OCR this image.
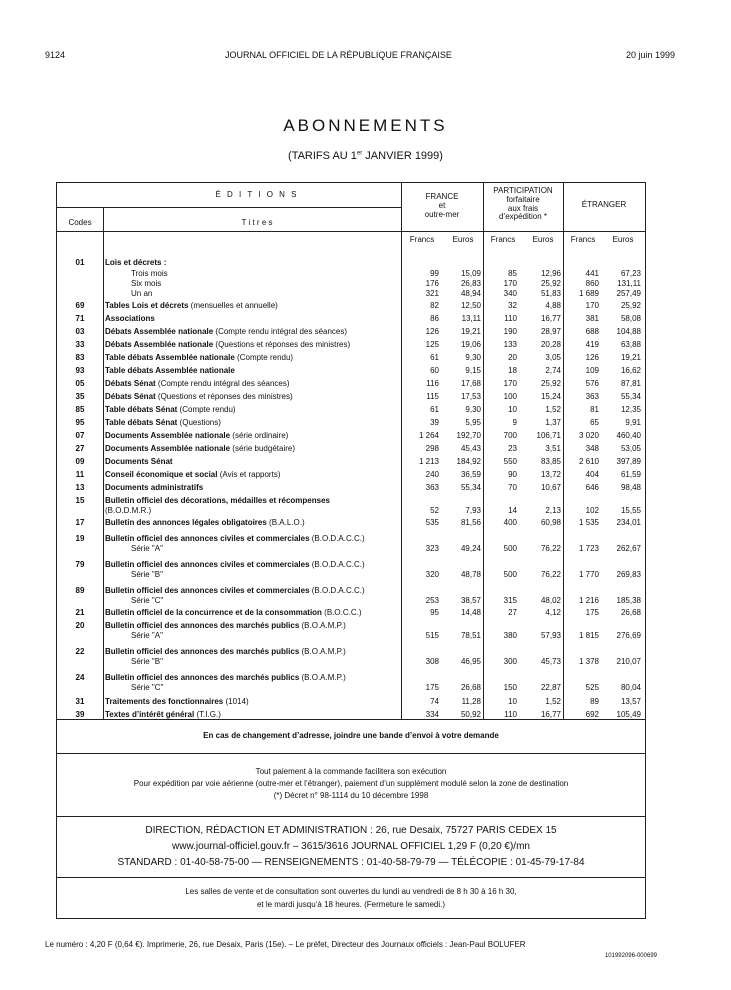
9124	JOURNAL OFFICIEL DE LA RÉPUBLIQUE FRANÇAISE	20 juin 1999
ABONNEMENTS
(TARIFS AU 1er JANVIER 1999)
É D I T I O N S
Codes	T i t r e s
FRANCE
et
outre-mer
PARTICIPATION
forfaitaire
aux frais
d’expédition *
ÉTRANGER
Francs	Euros	Francs	Euros	Francs	Euros
01	Lois et décrets :
Trois mois	99	15,09	85	12,96	441	67,23
Six mois	176	26,83	170	25,92	860	131,11
Un an	321	48,94	340	51,83	1 689	257,49
69	Tables Lois et décrets (mensuelles et annuelle)	82	12,50	32	4,88	170	25,92
71	Associations	86	13,11	110	16,77	381	58,08
03	Débats Assemblée nationale (Compte rendu intégral des séances)	126	19,21	190	28,97	688	104,88
33	Débats Assemblée nationale (Questions et réponses des ministres)	125	19,06	133	20,28	419	63,88
83	Table débats Assemblée nationale (Compte rendu)	61	9,30	20	3,05	126	19,21
93	Table débats Assemblée nationale	60	9,15	18	2,74	109	16,62
05	Débats Sénat (Compte rendu intégral des séances)	116	17,68	170	25,92	576	87,81
35	Débats Sénat (Questions et réponses des ministres)	115	17,53	100	15,24	363	55,34
85	Table débats Sénat (Compte rendu)	61	9,30	10	1,52	81	12,35
95	Table débats Sénat (Questions)	39	5,95	9	1,37	65	9,91
07	Documents Assemblée nationale (série ordinaire)	1 264	192,70	700	106,71	3 020	460,40
27	Documents Assemblée nationale (série budgétaire)	298	45,43	23	3,51	348	53,05
09	Documents Sénat	1 213	184,92	550	83,85	2 610	397,89
11	Conseil économique et social (Avis et rapports)	240	36,59	90	13,72	404	61,59
13	Documents administratifs	363	55,34	70	10,67	646	98,48
15	Bulletin officiel des décorations, médailles et récompenses
(B.O.D.M.R.)	52	7,93	14	2,13	102	15,55
17	Bulletin des annonces légales obligatoires (B.A.L.O.)	535	81,56	400	60,98	1 535	234,01
19	Bulletin officiel des annonces civiles et commerciales (B.O.D.A.C.C.)
Série "A"	323	49,24	500	76,22	1 723	262,67
79	Bulletin officiel des annonces civiles et commerciales (B.O.D.A.C.C.)
Série "B"	320	48,78	500	76,22	1 770	269,83
89	Bulletin officiel des annonces civiles et commerciales (B.O.D.A.C.C.)
Série "C"	253	38,57	315	48,02	1 216	185,38
21	Bulletin officiel de la concurrence et de la consommation (B.O.C.C.)	95	14,48	27	4,12	175	26,68
20	Bulletin officiel des annonces des marchés publics (B.O.A.M.P.)
Série "A"	515	78,51	380	57,93	1 815	276,69
22	Bulletin officiel des annonces des marchés publics (B.O.A.M.P.)
Série "B"	308	46,95	300	45,73	1 378	210,07
24	Bulletin officiel des annonces des marchés publics (B.O.A.M.P.)
Série "C"	175	26,68	150	22,87	525	80,04
31	Traitements des fonctionnaires (1014)	74	11,28	10	1,52	89	13,57
39	Textes d’intérêt général (T.I.G.)	334	50,92	110	16,77	692	105,49
En cas de changement d’adresse, joindre une bande d’envoi à votre demande
Tout paiement à la commande facilitera son exécution
Pour expédition par voie aérienne (outre-mer et l’étranger), paiement d’un supplément modulé selon la zone de destination
(*) Décret n° 98-1114 du 10 décembre 1998
DIRECTION, RÉDACTION ET ADMINISTRATION : 26, rue Desaix, 75727 PARIS CEDEX 15
www.journal-officiel.gouv.fr – 3615/3616 JOURNAL OFFICIEL 1,29 F (0,20 €)/mn
STANDARD : 01-40-58-75-00 — RENSEIGNEMENTS : 01-40-58-79-79 — TÉLÉCOPIE : 01-45-79-17-84
Les salles de vente et de consultation sont ouvertes du lundi au vendredi de 8 h 30 à 16 h 30,
et le mardi jusqu’à 18 heures. (Fermeture le samedi.)
Le numéro : 4,20 F (0,64 €). Imprimerie, 26, rue Desaix, Paris (15e). – Le préfet, Directeur des Journaux officiels : Jean-Paul BOLUFER
101992096-000699
